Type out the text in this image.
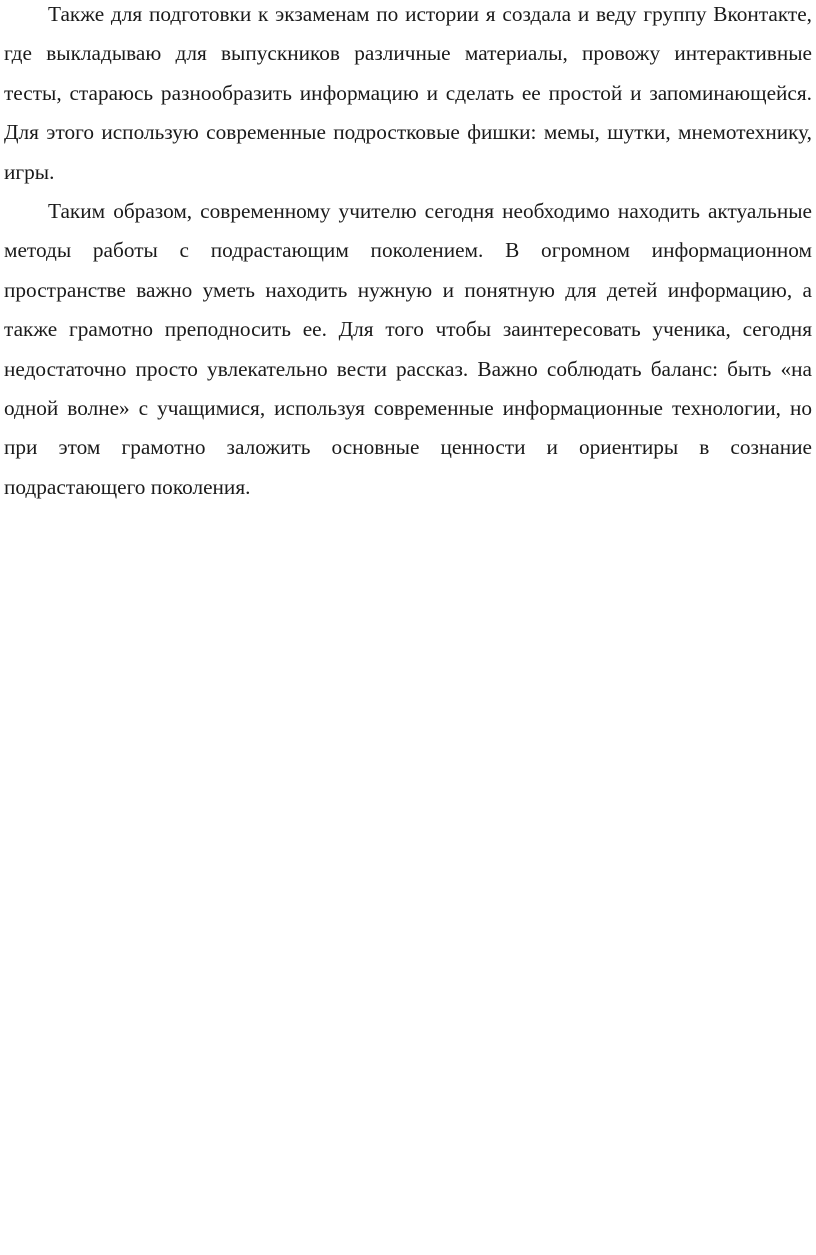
Также для подготовки к экзаменам по истории я создала и веду группу Вконтакте, где выкладываю для выпускников различные материалы, провожу интерактивные тесты, стараюсь разнообразить информацию и сделать ее простой и запоминающейся. Для этого использую современные подростковые фишки: мемы, шутки, мнемотехнику, игры.

Таким образом, современному учителю сегодня необходимо находить актуальные методы работы с подрастающим поколением. В огромном информационном пространстве важно уметь находить нужную и понятную для детей информацию, а также грамотно преподносить ее. Для того чтобы заинтересовать ученика, сегодня недостаточно просто увлекательно вести рассказ. Важно соблюдать баланс: быть «на одной волне» с учащимися, используя современные информационные технологии, но при этом грамотно заложить основные ценности и ориентиры в сознание подрастающего поколения.
